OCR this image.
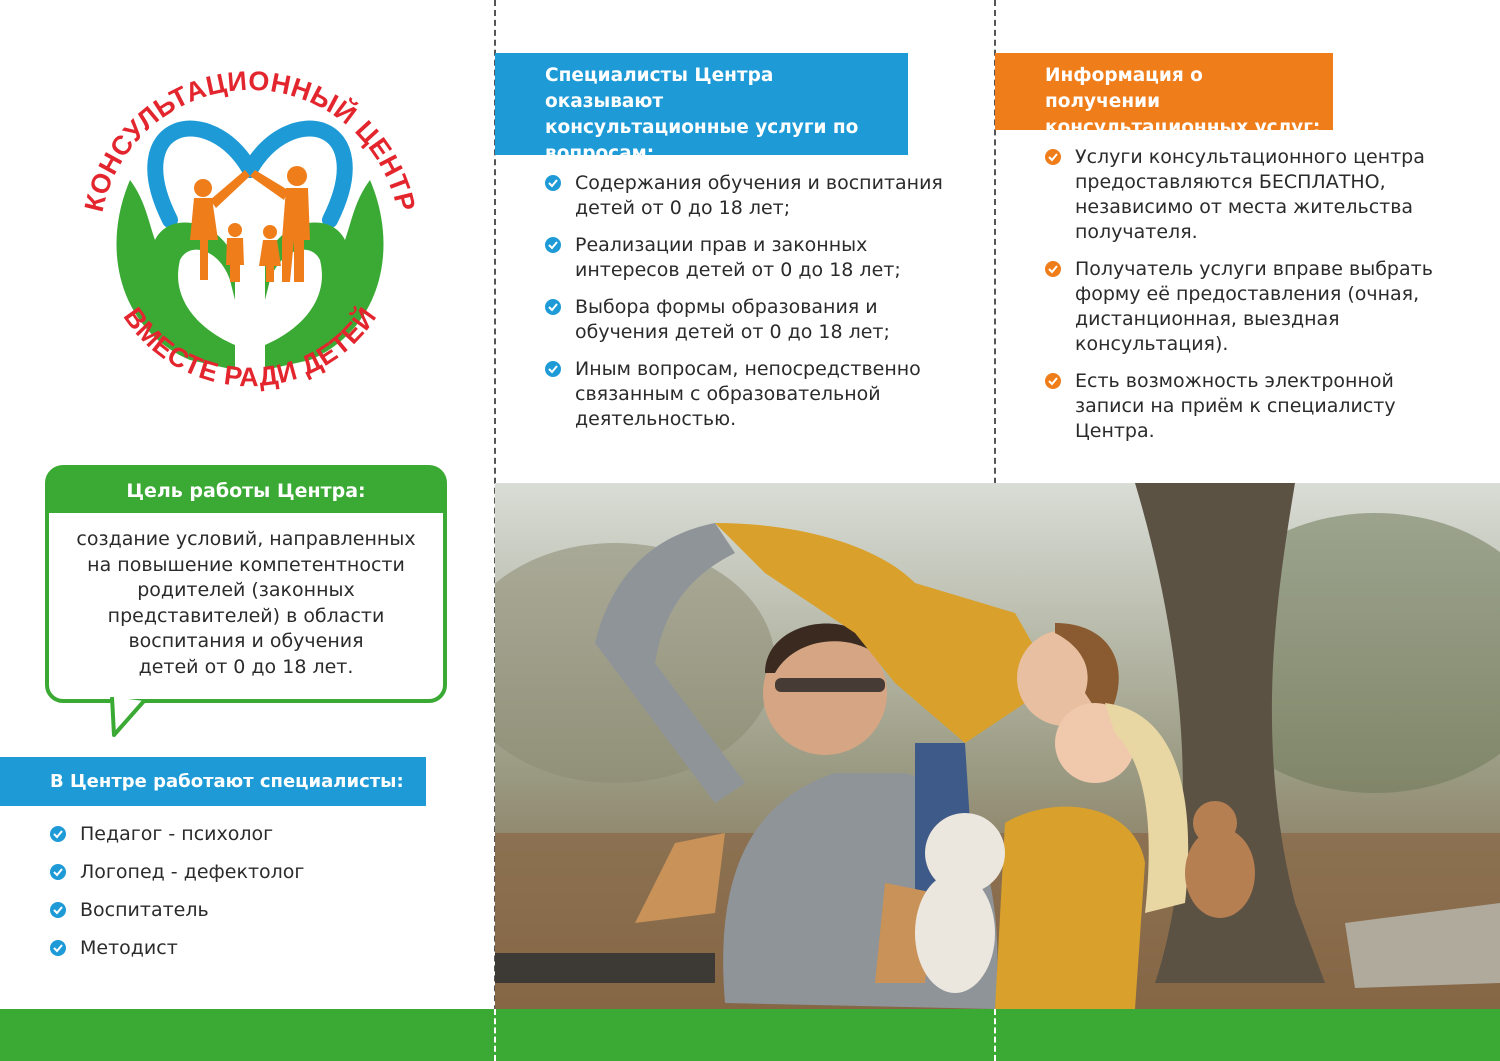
КОНСУЛЬТАЦИОННЫЙ ЦЕНТР
ВМЕСТЕ РАДИ ДЕТЕЙ
Цель работы Центра:
создание условий, направленных
на повышение компетентности
родителей (законных
представителей) в области
воспитания и обучения
детей от 0 до 18 лет.
В Центре работают специалисты:
Педагог - психолог
Логопед - дефектолог
Воспитатель
Методист
Специалисты Центра оказывают
консультационные услуги по
вопросам:
Содержания обучения и воспитания
детей от 0 до 18 лет;
Реализации прав и законных
интересов детей от 0 до 18 лет;
Выбора формы образования и
обучения детей от 0 до 18 лет;
Иным вопросам, непосредственно
связанным с образовательной
деятельностью.
Информация о получении
консультационных услуг:
Услуги консультационного центра
предоставляются БЕСПЛАТНО,
независимо от места жительства
получателя.
Получатель услуги вправе выбрать
форму её предоставления (очная,
дистанционная, выездная
консультация).
Есть возможность электронной
записи на приём к специалисту
Центра.
